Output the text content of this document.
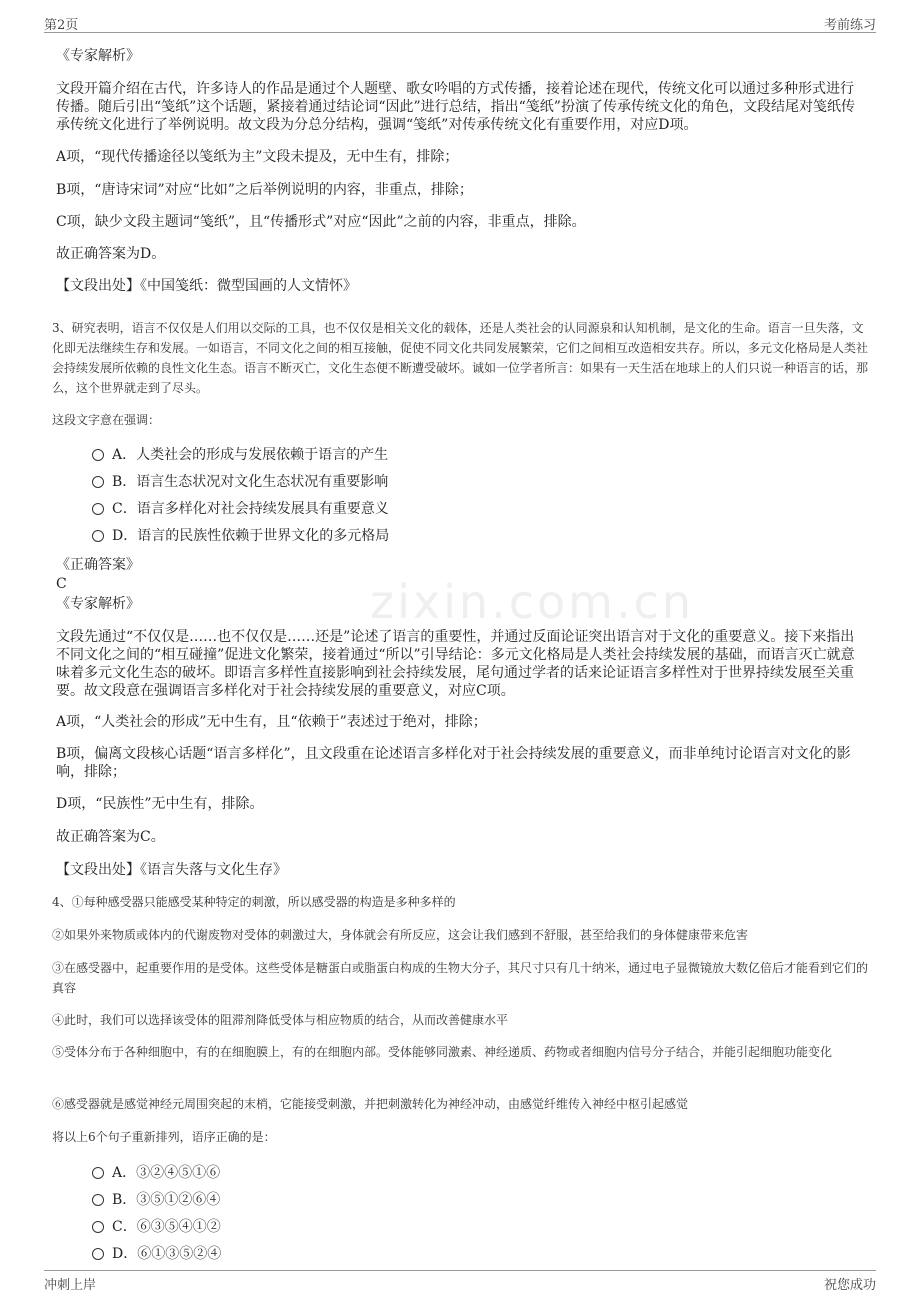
zixin.com.cn
第2页	考前练习
《专家解析》
文段开篇介绍在古代，许多诗人的作品是通过个人题壁、歌女吟唱的方式传播，接着论述在现代，传统文化可以通过多种形式进行传播。随后引出“笺纸”这个话题，紧接着通过结论词“因此”进行总结，指出“笺纸”扮演了传承传统文化的角色，文段结尾对笺纸传承传统文化进行了举例说明。故文段为分总分结构，强调“笺纸”对传承传统文化有重要作用，对应D项。
A项，“现代传播途径以笺纸为主”文段未提及，无中生有，排除；
B项，“唐诗宋词”对应“比如”之后举例说明的内容，非重点，排除；
C项，缺少文段主题词“笺纸”，且“传播形式”对应“因此”之前的内容，非重点，排除。
故正确答案为D。
【文段出处】《中国笺纸：微型国画的人文情怀》
3、研究表明，语言不仅仅是人们用以交际的工具，也不仅仅是相关文化的载体，还是人类社会的认同源泉和认知机制，是文化的生命。语言一旦失落，文化即无法继续生存和发展。一如语言，不同文化之间的相互接触，促使不同文化共同发展繁荣，它们之间相互改造相安共存。所以，多元文化格局是人类社会持续发展所依赖的良性文化生态。语言不断灭亡，文化生态便不断遭受破坏。诚如一位学者所言：如果有一天生活在地球上的人们只说一种语言的话，那么，这个世界就走到了尽头。
这段文字意在强调：
A．人类社会的形成与发展依赖于语言的产生
B．语言生态状况对文化生态状况有重要影响
C．语言多样化对社会持续发展具有重要意义
D．语言的民族性依赖于世界文化的多元格局
《正确答案》
C
《专家解析》
文段先通过“不仅仅是……也不仅仅是……还是”论述了语言的重要性，并通过反面论证突出语言对于文化的重要意义。接下来指出不同文化之间的“相互碰撞”促进文化繁荣，接着通过“所以”引导结论：多元文化格局是人类社会持续发展的基础，而语言灭亡就意味着多元文化生态的破坏。即语言多样性直接影响到社会持续发展，尾句通过学者的话来论证语言多样性对于世界持续发展至关重要。故文段意在强调语言多样化对于社会持续发展的重要意义，对应C项。
A项，“人类社会的形成”无中生有，且“依赖于”表述过于绝对，排除；
B项，偏离文段核心话题“语言多样化”，且文段重在论述语言多样化对于社会持续发展的重要意义，而非单纯讨论语言对文化的影响，排除；
D项，“民族性”无中生有，排除。
故正确答案为C。
【文段出处】《语言失落与文化生存》
4、①每种感受器只能感受某种特定的刺激，所以感受器的构造是多种多样的
②如果外来物质或体内的代谢废物对受体的刺激过大，身体就会有所反应，这会让我们感到不舒服，甚至给我们的身体健康带来危害
③在感受器中，起重要作用的是受体。这些受体是糖蛋白或脂蛋白构成的生物大分子，其尺寸只有几十纳米，通过电子显微镜放大数亿倍后才能看到它们的真容
④此时，我们可以选择该受体的阻滞剂降低受体与相应物质的结合，从而改善健康水平
⑤受体分布于各种细胞中，有的在细胞膜上，有的在细胞内部。受体能够同激素、神经递质、药物或者细胞内信号分子结合，并能引起细胞功能变化
⑥感受器就是感觉神经元周围突起的末梢，它能接受刺激，并把刺激转化为神经冲动，由感觉纤维传入神经中枢引起感觉
将以上6个句子重新排列，语序正确的是：
A．③②④⑤①⑥
B．③⑤①②⑥④
C．⑥③⑤④①②
D．⑥①③⑤②④
冲刺上岸	祝您成功
